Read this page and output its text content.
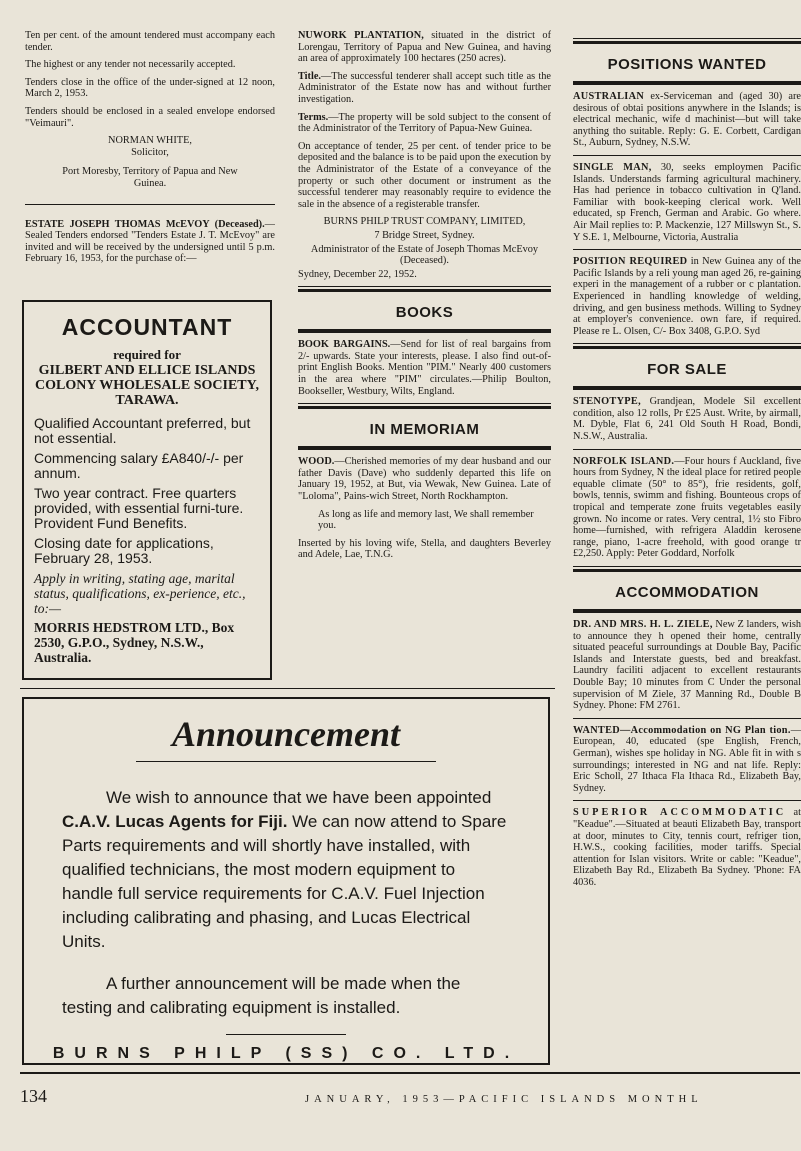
Ten per cent. of the amount tendered must accompany each tender.
The highest or any tender not necessarily accepted.
Tenders close in the office of the under-signed at 12 noon, March 2, 1953.
Tenders should be enclosed in a sealed envelope endorsed "Veimauri".
NORMAN WHITE,
Solicitor,
Port Moresby, Territory of Papua and New Guinea.
ESTATE JOSEPH THOMAS McEVOY (Deceased).—Sealed Tenders endorsed "Tenders Estate J. T. McEvoy" are invited and will be received by the undersigned until 5 p.m. February 16, 1953, for the purchase of:—
ACCOUNTANT
required for
GILBERT AND ELLICE ISLANDS COLONY WHOLESALE SOCIETY, TARAWA.
Qualified Accountant preferred, but not essential.
Commencing salary £A840/-/- per annum.
Two year contract. Free quarters provided, with essential furni-ture. Provident Fund Benefits.
Closing date for applications, February 28, 1953.
Apply in writing, stating age, marital status, qualifications, ex-perience, etc., to:—
MORRIS HEDSTROM LTD., Box 2530, G.P.O., Sydney, N.S.W., Australia.
NUWORK PLANTATION, situated in the district of Lorengau, Territory of Papua and New Guinea, and having an area of approximately 100 hectares (250 acres).
Title.—The successful tenderer shall accept such title as the Administrator of the Estate now has and without further investigation.
Terms.—The property will be sold subject to the consent of the Administrator of the Territory of Papua-New Guinea.
On acceptance of tender, 25 per cent. of tender price to be deposited and the balance is to be paid upon the execution by the Administrator of the Estate of a conveyance of the property or such other document or instrument as the successful tenderer may reasonably require to evidence the sale in the absence of a registerable transfer.
BURNS PHILP TRUST COMPANY, LIMITED,
7 Bridge Street, Sydney.
Administrator of the Estate of Joseph Thomas McEvoy (Deceased).
Sydney, December 22, 1952.
BOOKS
BOOK BARGAINS.—Send for list of real bargains from 2/- upwards. State your interests, please. I also find out-of-print English Books. Mention "PIM." Nearly 400 customers in the area where "PIM" circulates.—Philip Boulton, Bookseller, Westbury, Wilts, England.
IN MEMORIAM
WOOD.—Cherished memories of my dear husband and our father Davis (Dave) who suddenly departed this life on January 19, 1952, at But, via Wewak, New Guinea. Late of "Loloma", Pains-wich Street, North Rockhampton.
As long as life and memory last, We shall remember you.
Inserted by his loving wife, Stella, and daughters Beverley and Adele, Lae, T.N.G.
POSITIONS WANTED
AUSTRALIAN ex-Serviceman and (aged 30) are desirous of obtai positions anywhere in the Islands; is electrical mechanic, wife d machinist—but will take anything tho suitable. Reply: G. E. Corbett, Cardigan St., Auburn, Sydney, N.S.W.
SINGLE MAN, 30, seeks employmen Pacific Islands. Understands farming agricultural machinery. Has had perience in tobacco cultivation in Q'land. Familiar with book-keeping clerical work. Well educated, sp French, German and Arabic. Go where. Air Mail replies to: P. Mackenzie, 127 Millswyn St., S. Y S.E. 1, Melbourne, Victoria, Australia
POSITION REQUIRED in New Guinea any of the Pacific Islands by a reli young man aged 26, re-gaining experi in the management of a rubber or c plantation. Experienced in handling knowledge of welding, driving, and gen business methods. Willing to Sydney at employer's convenience. own fare, if required. Please re L. Olsen, C/- Box 3408, G.P.O. Syd
FOR SALE
STENOTYPE, Grandjean, Modele Sil excellent condition, also 12 rolls, Pr £25 Aust. Write, by airmall, M. Dyble, Flat 6, 241 Old South H Road, Bondi, N.S.W., Australia.
NORFOLK ISLAND.—Four hours f Auckland, five hours from Sydney, N the ideal place for retired people equable climate (50° to 85°), frie residents, golf, bowls, tennis, swimm and fishing. Bounteous crops of tropical and temperate zone fruits vegetables easily grown. No income or rates. Very central, 1½ sto Fibro home—furnished, with refrigera Aladdin kerosene range, piano, 1-acre freehold, with good orange tr £2,250. Apply: Peter Goddard, Norfolk
ACCOMMODATION
DR. AND MRS. H. L. ZIELE, New Z landers, wish to announce they h opened their home, centrally situated peaceful surroundings at Double Bay, Pacific Islands and Interstate guests, bed and breakfast. Laundry faciliti adjacent to excellent restaurants Double Bay; 10 minutes from C Under the personal supervision of M Ziele, 37 Manning Rd., Double B Sydney. Phone: FM 2761.
WANTED—Accommodation on NG Plan tion.—European, 40, educated (spe English, French, German), wishes spe holiday in NG. Able fit in with s surroundings; interested in NG and nat life. Reply: Eric Scholl, 27 Ithaca Fla Ithaca Rd., Elizabeth Bay, Sydney.
SUPERIOR ACCOMMODATIC at "Keadue".—Situated at beauti Elizabeth Bay, transport at door, minutes to City, tennis court, refriger tion, H.W.S., cooking facilities, moder tariffs. Special attention for Islan visitors. Write or cable: "Keadue", Elizabeth Bay Rd., Elizabeth Ba Sydney. 'Phone: FA 4036.
Announcement
We wish to announce that we have been appointed C.A.V. Lucas Agents for Fiji. We can now attend to Spare Parts requirements and will shortly have installed, with qualified technicians, the most modern equipment to handle full service requirements for C.A.V. Fuel Injection including calibrating and phasing, and Lucas Electrical Units.
A further announcement will be made when the testing and calibrating equipment is installed.
BURNS PHILP (SS) CO. LTD.
134	JANUARY, 1953—PACIFIC ISLANDS MONTHL
